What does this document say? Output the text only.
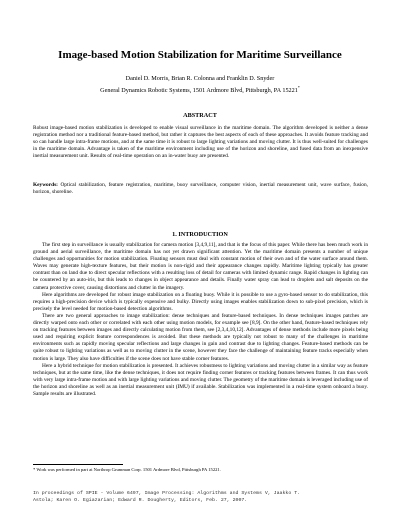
Image-based Motion Stabilization for Maritime Surveillance
Daniel D. Morris, Brian R. Colonna and Franklin D. Snyder
General Dynamics Robotic Systems, 1501 Ardmore Blvd, Pittsburgh, PA 15221*
ABSTRACT
Robust image-based motion stabilization is developed to enable visual surveillance in the maritime domain. The algorithm developed is neither a dense registration method nor a traditional feature-based method, but rather it captures the best aspects of each of these approaches. It avoids feature tracking and so can handle large intra-frame motions, and at the same time it is robust to large lighting variations and moving clutter. It is thus well-suited for challenges in the maritime domain. Advantage is taken of the maritime environment including use of the horizon and shoreline, and fused data from an inexpensive inertial measurement unit. Results of real-time operation on an in-water buoy are presented.
Keywords: Optical stabilization, feature registration, maritime, buoy surveillance, computer vision, inertial measurement unit, wave surface, fusion, horizon, shoreline.
1. INTRODUCTION

The first step in surveillance is usually stabilization for camera motion [3,4,9,11], and that is the focus of this paper. While there has been much work in ground and aerial surveillance, the maritime domain has not yet drawn significant attention. Yet the maritime domain presents a number of unique challenges and opportunities for motion stabilization. Floating sensors must deal with constant motion of their own and of the water surface around them. Waves may generate high-texture features, but their motion is non-rigid and their appearance changes rapidly. Maritime lighting typically has greater contrast than on land due to direct specular reflections with a resulting loss of detail for cameras with limited dynamic range. Rapid changes in lighting can be countered by an auto-iris, but this leads to changes in object appearance and details. Finally water spray can lead to droplets and salt deposits on the camera protective cover, causing distortions and clutter in the imagery.

Here algorithms are developed for robust image stabilization on a floating buoy. While it is possible to use a gyro-based sensor to do stabilization, this requires a high-precision device which is typically expensive and bulky. Directly using images enables stabilization down to sub-pixel precision, which is precisely the level needed for motion-based detection algorithms.

There are two general approaches to image stabilization: dense techniques and feature-based techniques. In dense techniques images patches are directly warped onto each other or correlated with each other using motion models, for example see [8,9]. On the other hand, feature-based techniques rely on tracking features between images and directly calculating motion from them, see [2,3,4,10,12]. Advantages of dense methods include more pixels being used and requiring explicit feature correspondences is avoided. But these methods are typically not robust to many of the challenges in maritime environments such as rapidly moving specular reflections and large changes in gain and contrast due to lighting changes. Feature-based methods can be quite robust to lighting variations as well as to moving clutter in the scene, however they face the challenge of maintaining feature tracks especially when motion is large. They also have difficulties if the scene does not have stable corner features.

Here a hybrid technique for motion stabilization is presented. It achieves robustness to lighting variations and moving clutter in a similar way as feature techniques, but at the same time, like the dense techniques, it does not require finding corner features or tracking features between frames. It can thus work with very large intra-frame motion and with large lighting variations and moving clutter. The geometry of the maritime domain is leveraged including use of the horizon and shoreline as well as an inertial measurement unit (IMU) if available. Stabilization was implemented in a real-time system onboard a buoy. Sample results are illustrated.

* Work was performed in part at Northrop Grumman Corp. 1501 Ardmore Blvd, Pittsburgh PA 15221.
In proceedings of SPIE - Volume 6497, Image Processing: Algorithms and Systems V, Jaakko T.
Astola; Karen O. Egiazarian; Edward R. Dougherty, Editors, Feb. 27, 2007.
